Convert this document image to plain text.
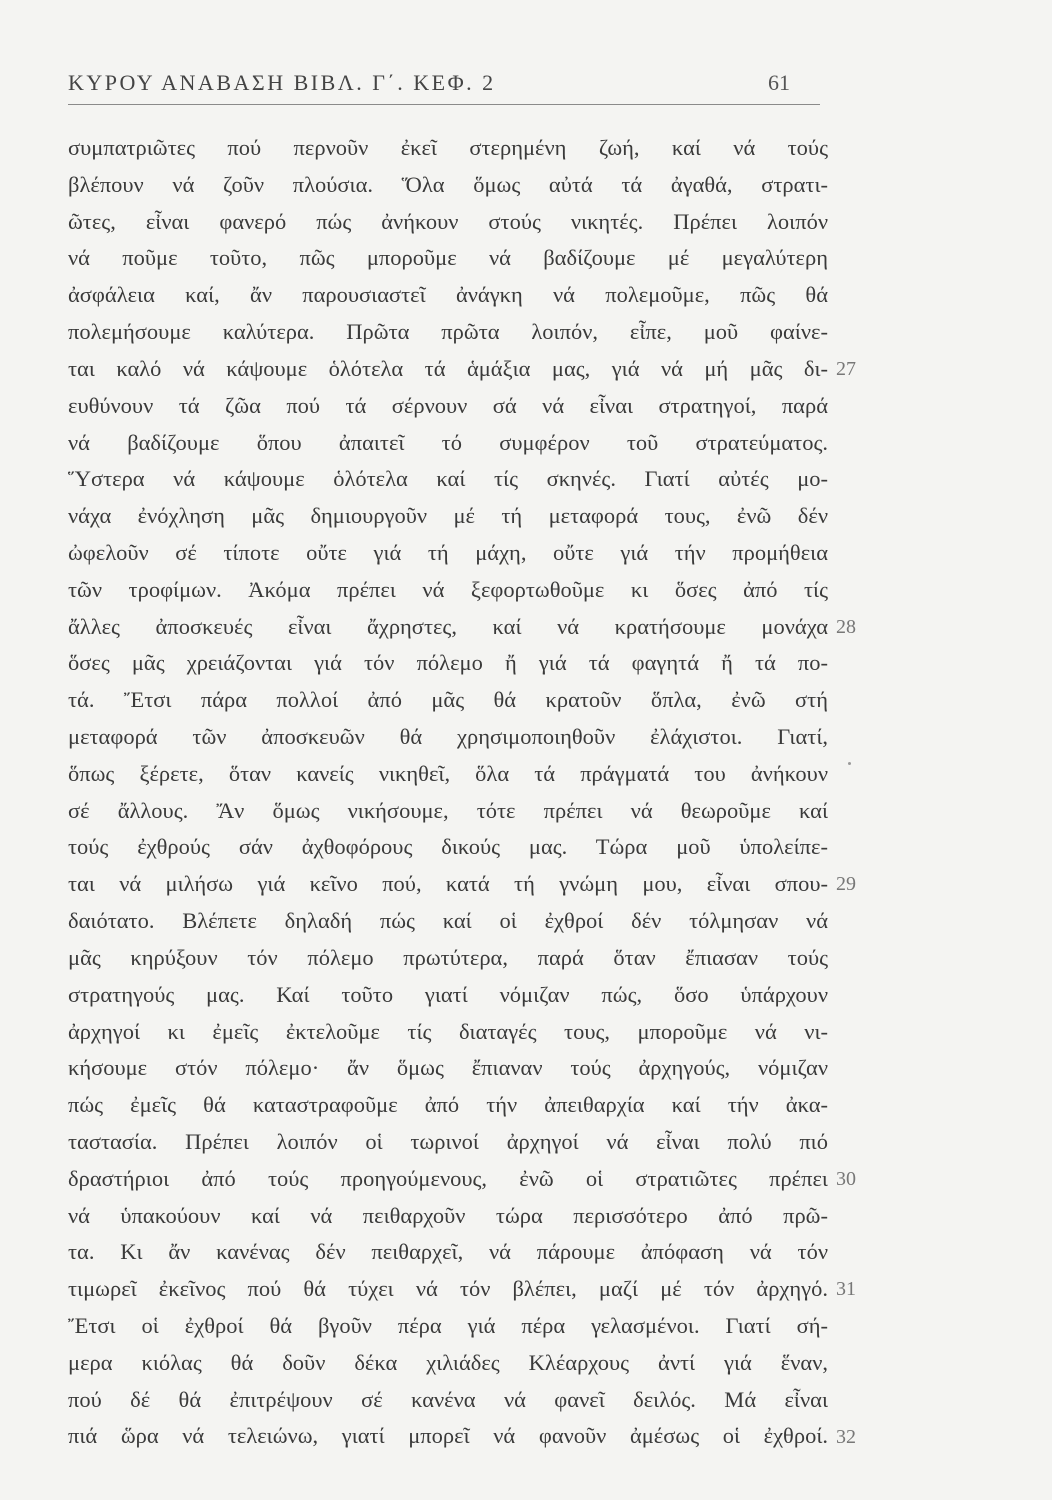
ΚΥΡΟΥ ΑΝΑΒΑΣΗ ΒΙΒΛ. Γ΄. ΚΕΦ. 2	61
συμπατριῶτες πού περνοῦν ἐκεῖ στερημένη ζωή, καί νά τούς
βλέπουν νά ζοῦν πλούσια. Ὅλα ὅμως αὐτά τά ἀγαθά, στρατι-
ῶτες, εἶναι φανερό πώς ἀνήκουν στούς νικητές. Πρέπει λοιπόν
νά ποῦμε τοῦτο, πῶς μποροῦμε νά βαδίζουμε μέ μεγαλύτερη
ἀσφάλεια καί, ἄν παρουσιαστεῖ ἀνάγκη νά πολεμοῦμε, πῶς θά
πολεμήσουμε καλύτερα. Πρῶτα πρῶτα λοιπόν, εἶπε, μοῦ φαίνε-
ται καλό νά κάψουμε ὁλότελα τά ἁμάξια μας, γιά νά μή μᾶς δι-
ευθύνουν τά ζῶα πού τά σέρνουν σά νά εἶναι στρατηγοί, παρά
νά βαδίζουμε ὅπου ἀπαιτεῖ τό συμφέρον τοῦ στρατεύματος.
Ὕστερα νά κάψουμε ὁλότελα καί τίς σκηνές. Γιατί αὐτές μο-
νάχα ἐνόχληση μᾶς δημιουργοῦν μέ τή μεταφορά τους, ἐνῶ δέν
ὠφελοῦν σέ τίποτε οὔτε γιά τή μάχη, οὔτε γιά τήν προμήθεια
τῶν τροφίμων. Ἀκόμα πρέπει νά ξεφορτωθοῦμε κι ὅσες ἀπό τίς
ἄλλες ἀποσκευές εἶναι ἄχρηστες, καί νά κρατήσουμε μονάχα
ὅσες μᾶς χρειάζονται γιά τόν πόλεμο ἤ γιά τά φαγητά ἤ τά πο-
τά. Ἔτσι πάρα πολλοί ἀπό μᾶς θά κρατοῦν ὅπλα, ἐνῶ στή
μεταφορά τῶν ἀποσκευῶν θά χρησιμοποιηθοῦν ἐλάχιστοι. Γιατί,
ὅπως ξέρετε, ὅταν κανείς νικηθεῖ, ὅλα τά πράγματά του ἀνήκουν
σέ ἄλλους. Ἄν ὅμως νικήσουμε, τότε πρέπει νά θεωροῦμε καί
τούς ἐχθρούς σάν ἀχθοφόρους δικούς μας. Τώρα μοῦ ὑπολείπε-
ται νά μιλήσω γιά κεῖνο πού, κατά τή γνώμη μου, εἶναι σπου-
δαιότατο. Βλέπετε δηλαδή πώς καί οἱ ἐχθροί δέν τόλμησαν νά
μᾶς κηρύξουν τόν πόλεμο πρωτύτερα, παρά ὅταν ἔπιασαν τούς
στρατηγούς μας. Καί τοῦτο γιατί νόμιζαν πώς, ὅσο ὑπάρχουν
ἀρχηγοί κι ἐμεῖς ἐκτελοῦμε τίς διαταγές τους, μποροῦμε νά νι-
κήσουμε στόν πόλεμο· ἄν ὅμως ἔπιαναν τούς ἀρχηγούς, νόμιζαν
πώς ἐμεῖς θά καταστραφοῦμε ἀπό τήν ἀπειθαρχία καί τήν ἀκα-
ταστασία. Πρέπει λοιπόν οἱ τωρινοί ἀρχηγοί νά εἶναι πολύ πιό
δραστήριοι ἀπό τούς προηγούμενους, ἐνῶ οἱ στρατιῶτες πρέπει
νά ὑπακούουν καί νά πειθαρχοῦν τώρα περισσότερο ἀπό πρῶ-
τα. Κι ἄν κανένας δέν πειθαρχεῖ, νά πάρουμε ἀπόφαση νά τόν
τιμωρεῖ ἐκεῖνος πού θά τύχει νά τόν βλέπει, μαζί μέ τόν ἀρχηγό.
Ἔτσι οἱ ἐχθροί θά βγοῦν πέρα γιά πέρα γελασμένοι. Γιατί σή-
μερα κιόλας θά δοῦν δέκα χιλιάδες Κλέαρχους ἀντί γιά ἕναν,
πού δέ θά ἐπιτρέψουν σέ κανένα νά φανεῖ δειλός. Μά εἶναι
πιά ὥρα νά τελειώνω, γιατί μπορεῖ νά φανοῦν ἀμέσως οἱ ἐχθροί.
27
28
29
30
31
32
